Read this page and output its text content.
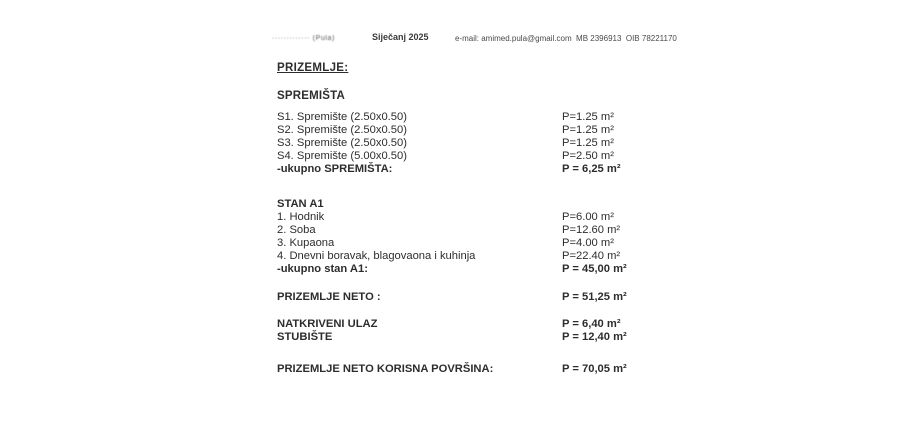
············· (Pula)	Siječanj 2025	e-mail: amimed.pula@gmail.com  MB 2396913  OIB 78221170
PRIZEMLJE:
SPREMIŠTA
S1. Spremište (2.50x0.50)	P=1.25 m²
S2. Spremište (2.50x0.50)	P=1.25 m²
S3. Spremište (2.50x0.50)	P=1.25 m²
S4. Spremište (5.00x0.50)	P=2.50 m²
-ukupno SPREMIŠTA:	P = 6,25 m²
STAN A1
1. Hodnik	P=6.00 m²
2. Soba	P=12.60 m²
3. Kupaona	P=4.00 m²
4. Dnevni boravak, blagovaona i kuhinja	P=22.40 m²
-ukupno stan A1:	P = 45,00 m²
PRIZEMLJE NETO :	P = 51,25 m²
NATKRIVENI ULAZ	P = 6,40 m²
STUBIŠTE	P = 12,40 m²
PRIZEMLJE NETO KORISNA POVRŠINA:	P = 70,05 m²
